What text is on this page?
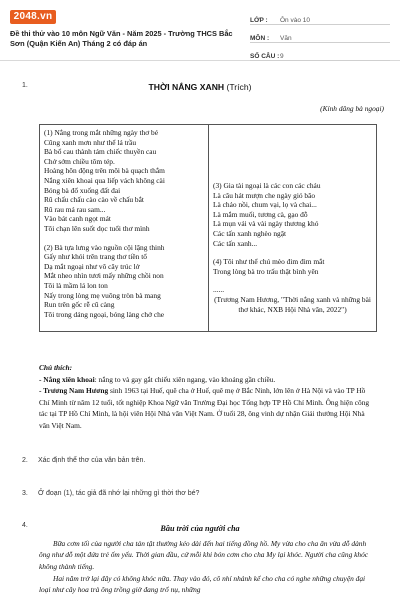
2048.vn
Đề thi thử vào 10 môn Ngữ Văn - Năm 2025 - Trường THCS Bắc Sơn (Quận Kiến An) Tháng 2 có đáp án
LỚP :	Ôn vào 10
MÔN :	Văn
SỐ CÂU : 9
1.	THỜI NẮNG XANH (Trích)
(Kính dâng bà ngoại)
(1) Nắng trong mắt những ngày thơ bé
Cũng xanh mơn như thể lá trầu
Bà bổ cau thành tám chiếc thuyền cau
Chở sớm chiều tôm tép.
Hoàng hôn động trên môi bà quạch thắm
Nắng xiên khoai qua liếp vách không cài
Bóng bà đổ xuống đất đai
Rũ chấu chấu cào cào về chấu bắt
Rũ rau má rau sam...
Vào bát canh ngọt mát
Tôi chạn lên suốt dọc tuổi thơ mình
(2) Bà tựa lưng vào nguồn cội lặng thinh
Gấy như khói trên trang thơ tiền tổ
Dạ mắt ngoại như vô cây trúc lở
Mắt nheo nhìn tươi mấy những chồi non
Tôi là mầm lá lon ton
Nấy trong lòng mẹ vuông tròn bà mang
Run trên gốc rễ cũ càng
Tôi trong dáng ngoại, bóng làng chở che
(3) Gia tài ngoại là các con các cháu
Là câu hát mượn che ngày gió bão
Là chảo nồi, chum vại, lọ và chai...
Là mắm muối, tương cà, gạo đỗ
Là mụn vải và vài ngày thương khó
Các tấn xanh nghèo ngặt
Các tấn xanh...
(4) Tôi như thể chú mèo đim đim mắt
Trong lòng bà tro trấu thật bình yên
......
(Trương Nam Hương, "Thời nắng xanh và những bài thơ khác, NXB Hội Nhà văn, 2022")
Chú thích:
- Nắng xiên khoai: nắng to và gay gắt chiếu xiên ngang, vào khoảng gần chiều.
- Trương Nam Hương sinh 1963 tại Huế, quê cha ở Huế, quê mẹ ở Bắc Ninh, lớn lên ở Hà Nội và vào TP Hồ Chí Minh từ năm 12 tuổi, tốt nghiệp Khoa Ngữ văn Trường Đại học Tổng hợp TP Hồ Chí Minh. Ông hiện công tác tại TP Hồ Chí Minh, là hội viên Hội Nhà văn Việt Nam. Ở tuổi 28, ông vinh dự nhận Giải thưởng Hội Nhà văn Việt Nam.
2. Xác định thể thơ của văn bản trên.
3. Ở đoạn (1), tác giả đã nhớ lại những gì thời thơ bé?
4.	Bầu trời của người cha
Bữa cơm tối của người cha tản tật thường kéo dài đến hai tiếng đồng hồ. My vừa cho cha ăn vừa dỗ dành ông như dỗ một đứa trẻ ốm yếu. Thời gian đầu, cứ mỗi khi bón cơm cho cha My lại khóc. Người cha cũng khóc không thành tiếng.
Hai năm trở lại đây có không khóc nữa. Thay vào đó, cô nhí nhảnh kể cho cha có nghe những chuyện đại loại như cây hoa trà ông trồng giờ đang trổ nụ, những
